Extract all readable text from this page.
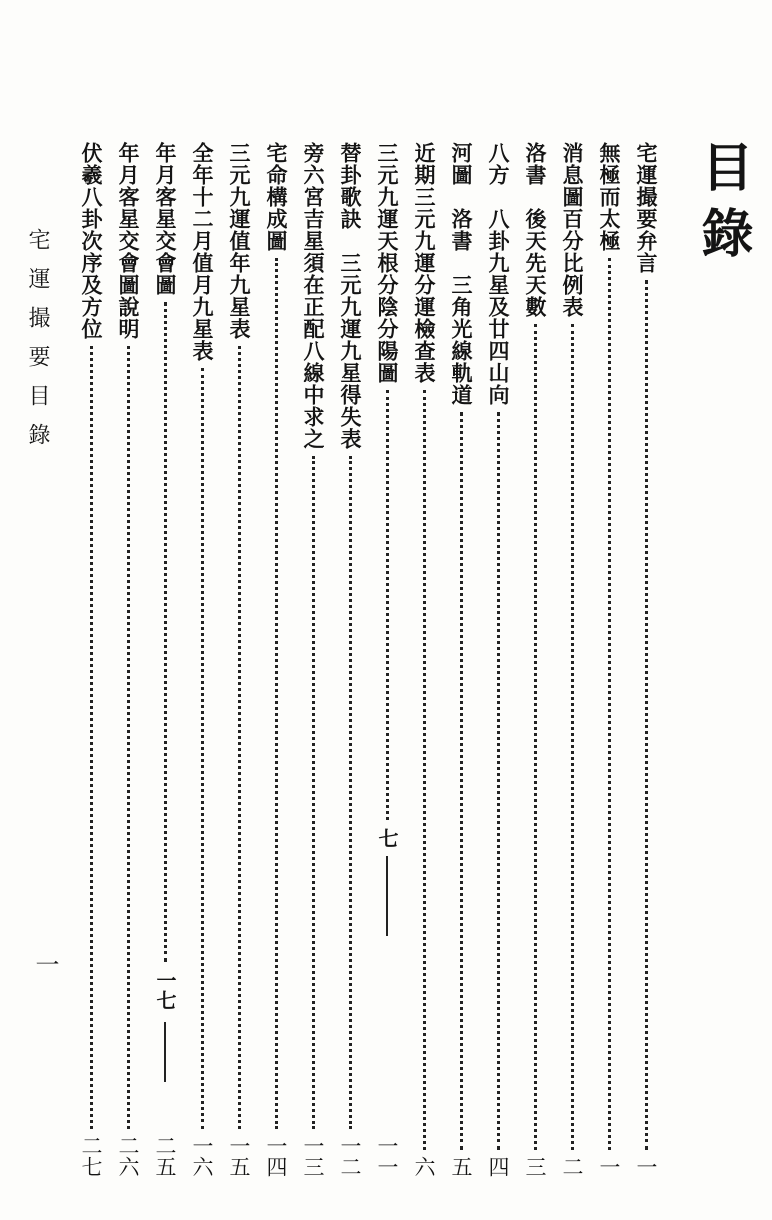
目錄
宅運撮要弁言
一
無極而太極
一
消息圖百分比例表
二
洛書　後天先天數
三
八方　八卦九星及廿四山向
四
河圖　洛書　三角光線軌道
五
近期三元九運分運檢查表
六
三元九運天根分陰分陽圖
七
一一
替卦歌訣　三元九運九星得失表
一二
旁六宮吉星須在正配八線中求之
一三
宅命構成圖
一四
三元九運值年九星表
一五
全年十二月值月九星表
一六
年月客星交會圖
一七
二五
年月客星交會圖說明
二六
伏羲八卦次序及方位
二七
宅運撮要目錄
一
